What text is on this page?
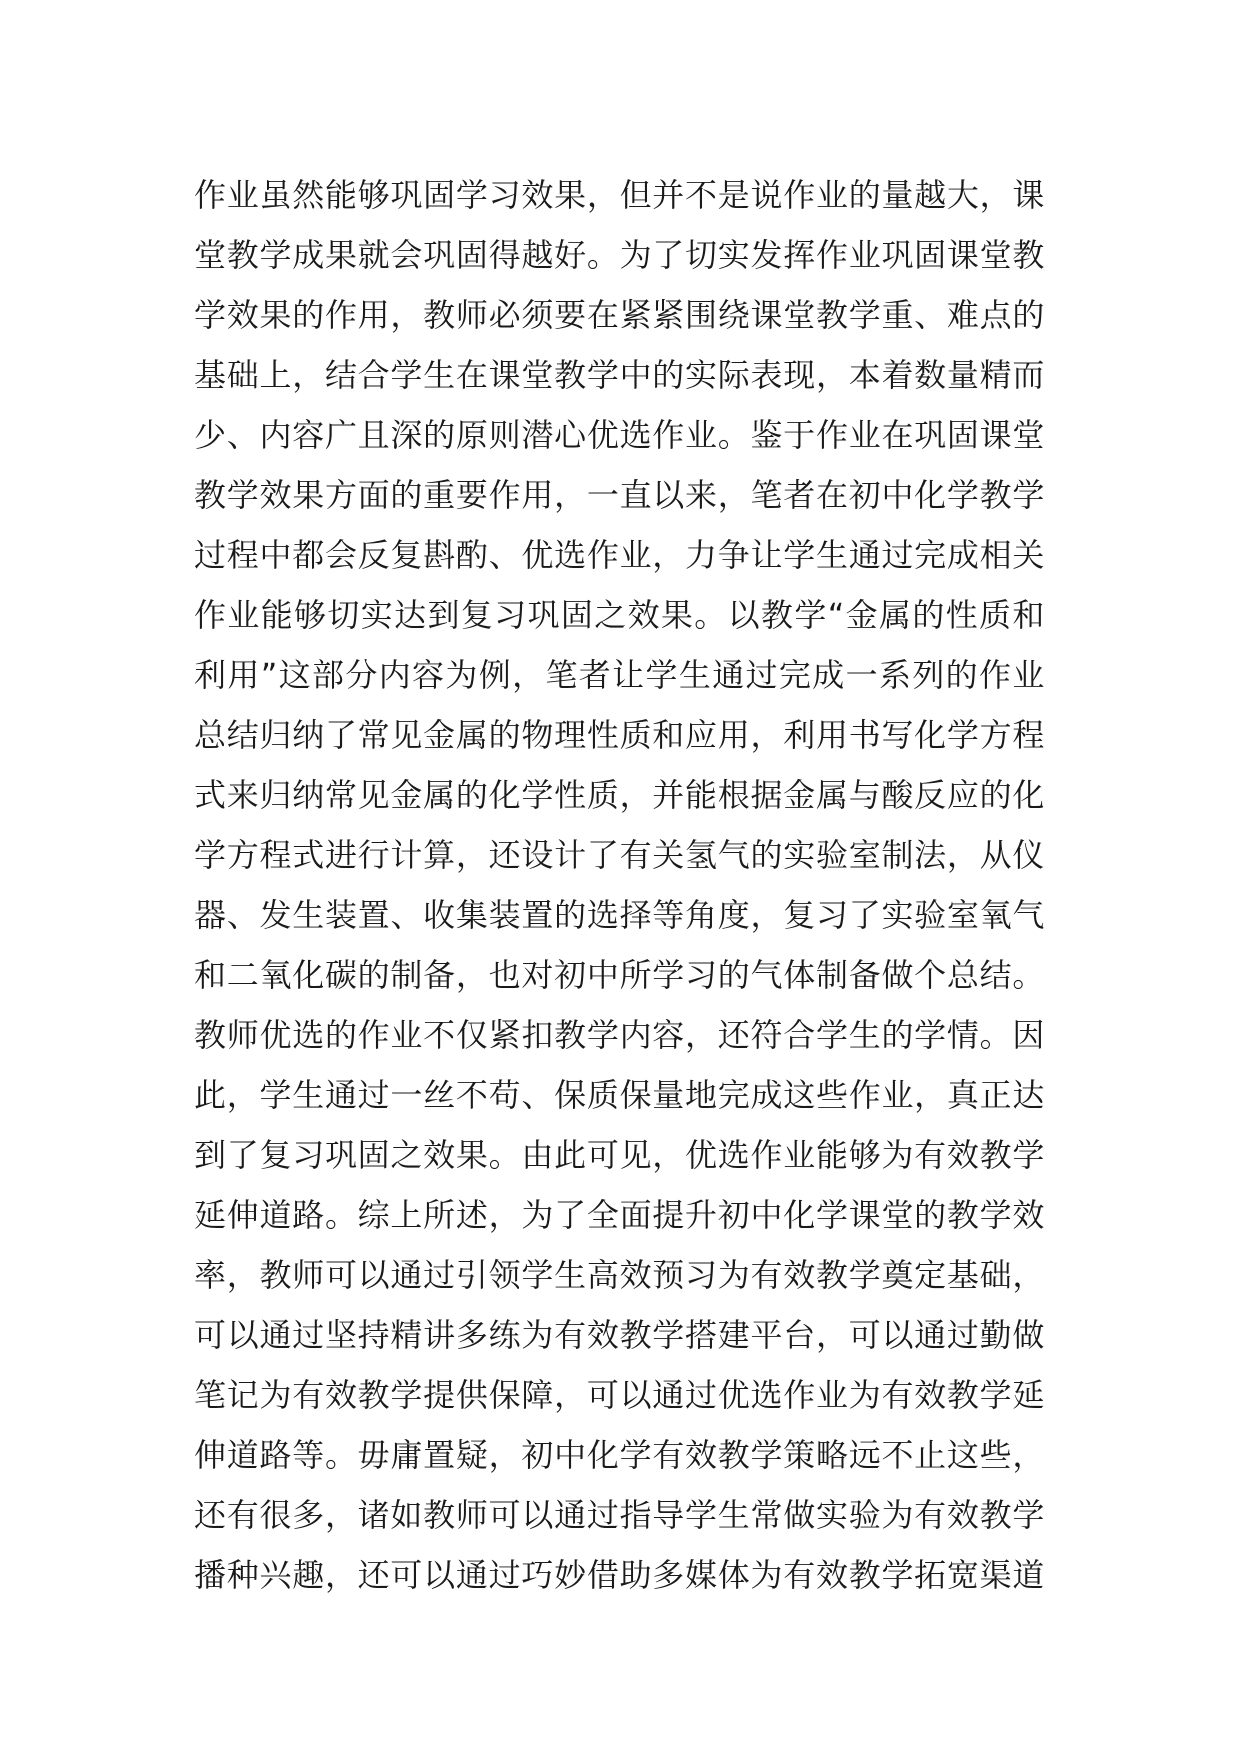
作业虽然能够巩固学习效果，但并不是说作业的量越大，课
堂教学成果就会巩固得越好。为了切实发挥作业巩固课堂教
学效果的作用，教师必须要在紧紧围绕课堂教学重、难点的
基础上，结合学生在课堂教学中的实际表现，本着数量精而
少、内容广且深的原则潜心优选作业。鉴于作业在巩固课堂
教学效果方面的重要作用，一直以来，笔者在初中化学教学
过程中都会反复斟酌、优选作业，力争让学生通过完成相关
作业能够切实达到复习巩固之效果。以教学“金属的性质和
利用”这部分内容为例，笔者让学生通过完成一系列的作业
总结归纳了常见金属的物理性质和应用，利用书写化学方程
式来归纳常见金属的化学性质，并能根据金属与酸反应的化
学方程式进行计算，还设计了有关氢气的实验室制法，从仪
器、发生装置、收集装置的选择等角度，复习了实验室氧气
和二氧化碳的制备，也对初中所学习的气体制备做个总结。
教师优选的作业不仅紧扣教学内容，还符合学生的学情。因
此，学生通过一丝不苟、保质保量地完成这些作业，真正达
到了复习巩固之效果。由此可见，优选作业能够为有效教学
延伸道路。综上所述，为了全面提升初中化学课堂的教学效
率，教师可以通过引领学生高效预习为有效教学奠定基础，
可以通过坚持精讲多练为有效教学搭建平台，可以通过勤做
笔记为有效教学提供保障，可以通过优选作业为有效教学延
伸道路等。毋庸置疑，初中化学有效教学策略远不止这些，
还有很多，诸如教师可以通过指导学生常做实验为有效教学
播种兴趣，还可以通过巧妙借助多媒体为有效教学拓宽渠道
